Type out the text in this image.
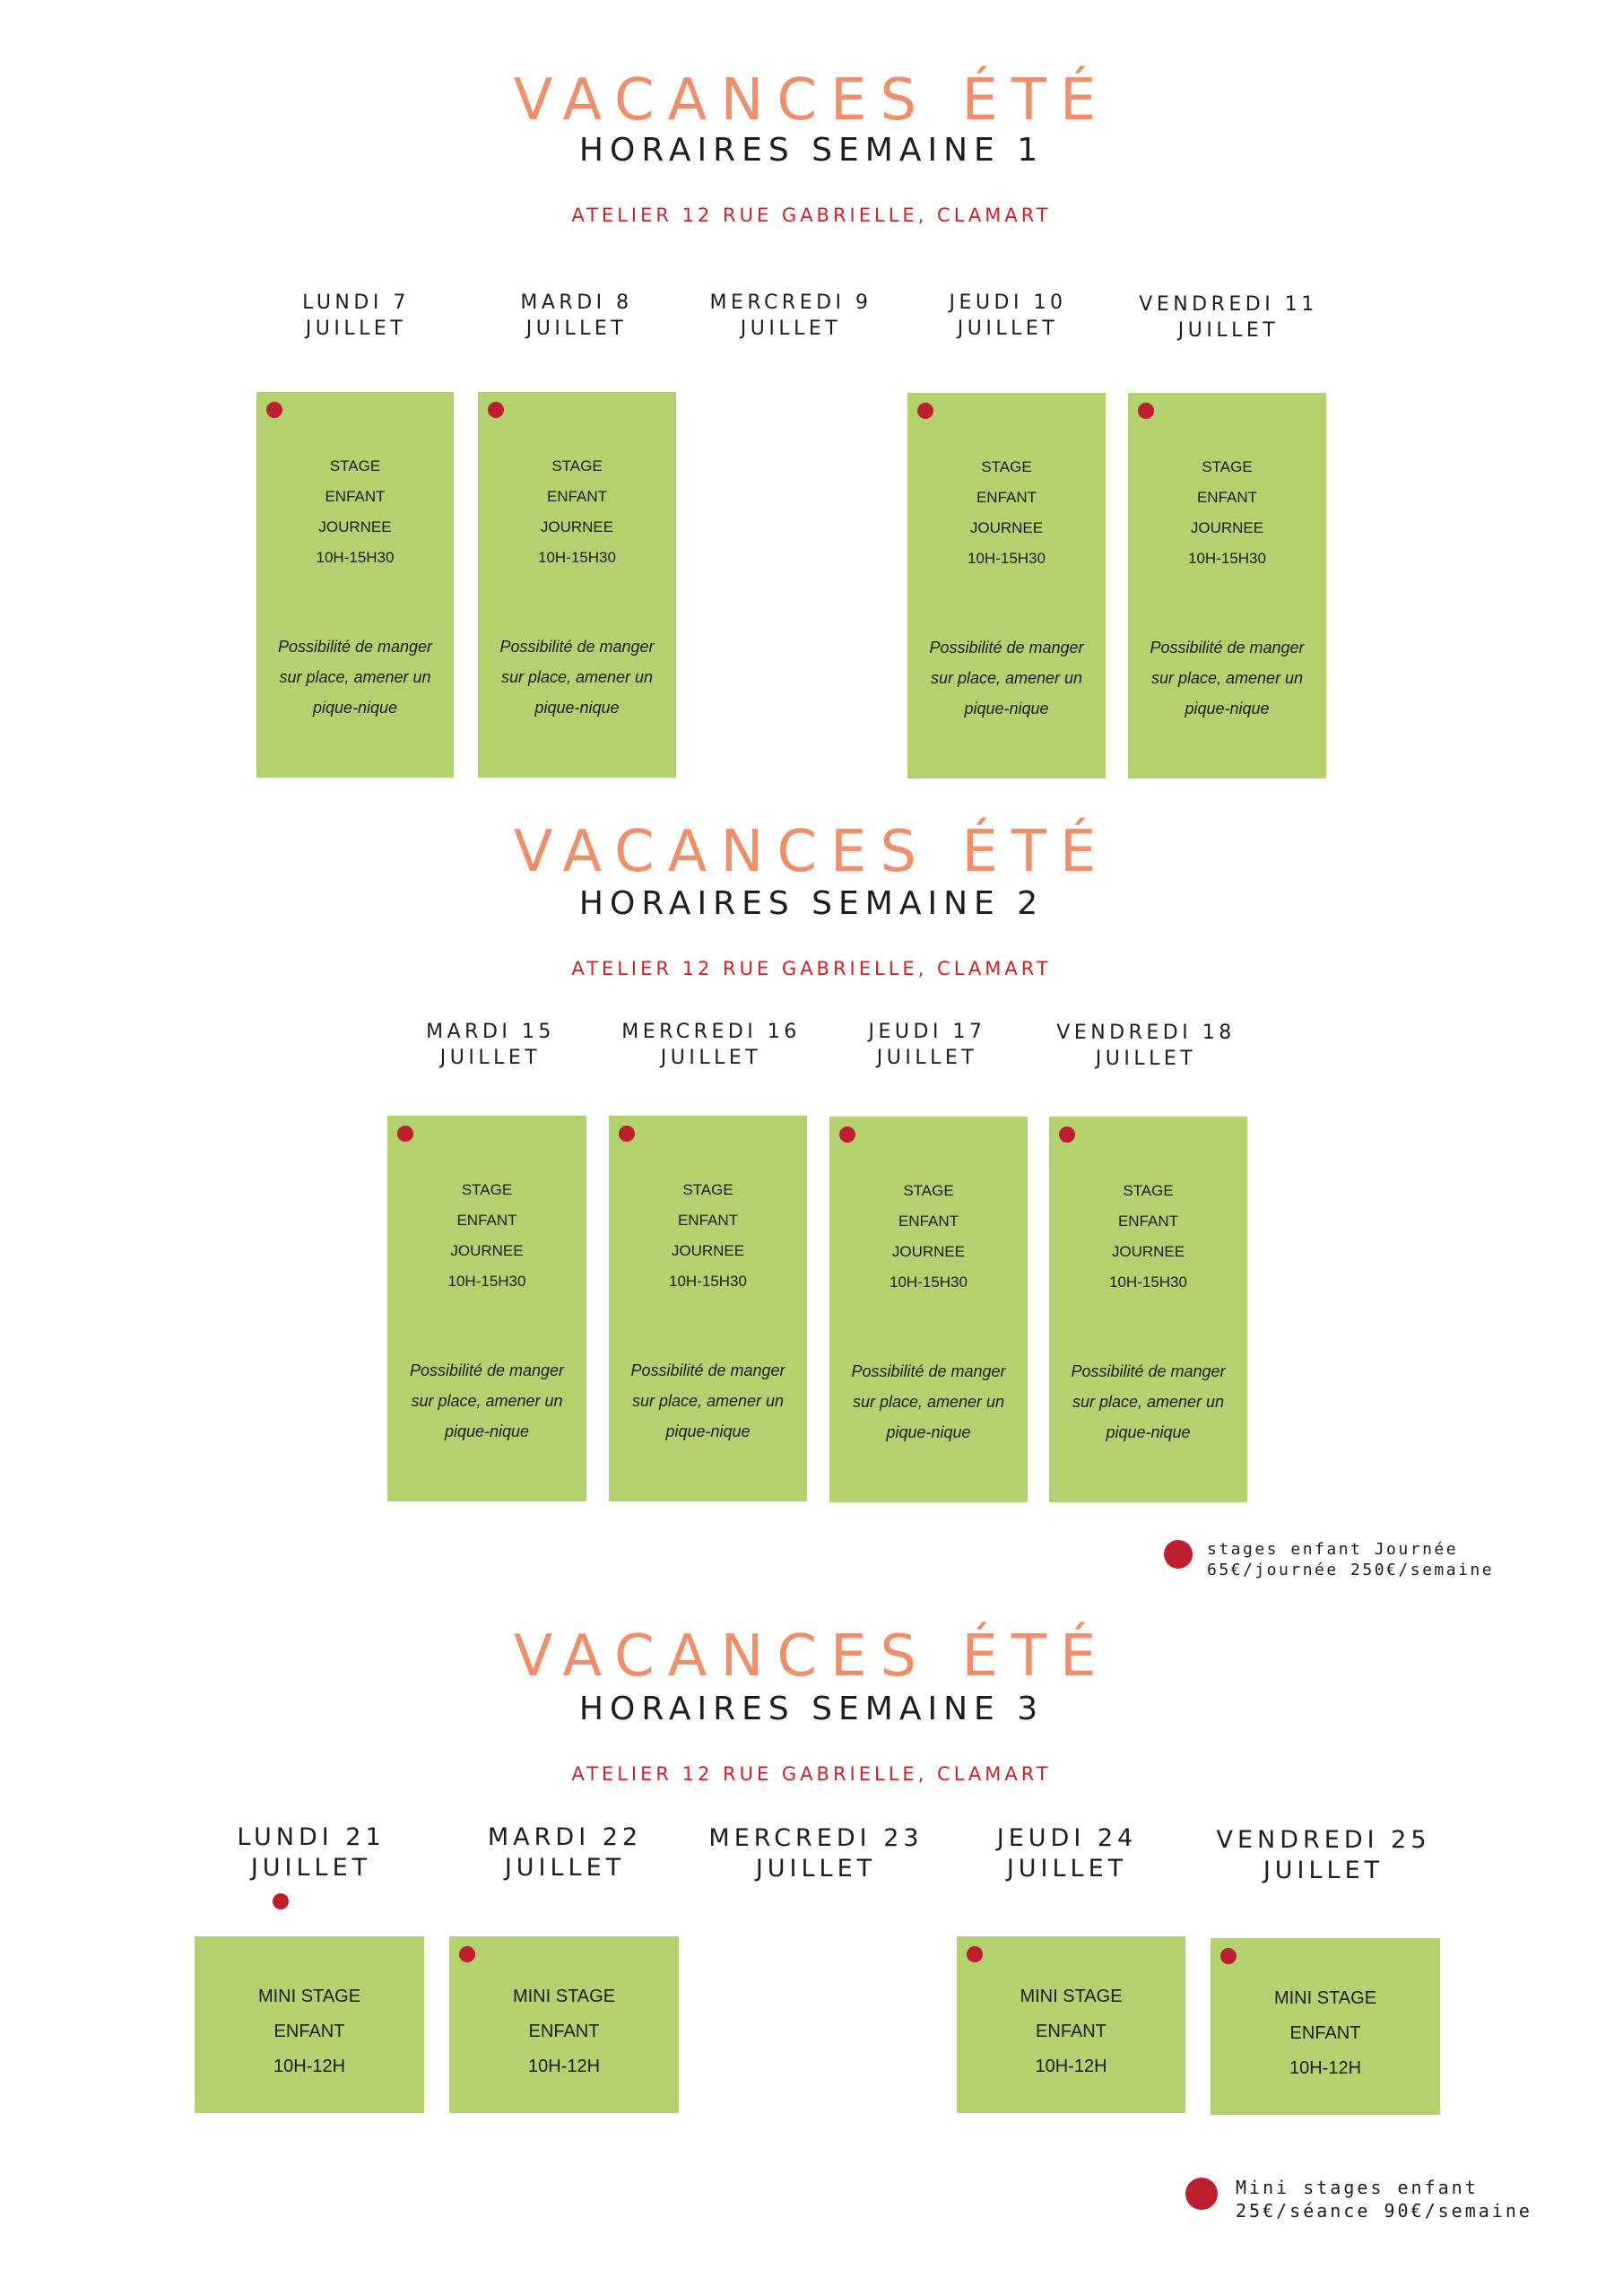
VACANCES ÉTÉ
HORAIRES SEMAINE 1
ATELIER 12 RUE GABRIELLE, CLAMART
LUNDI 7
JUILLET
MARDI 8
JUILLET
MERCREDI 9
JUILLET
JEUDI 10
JUILLET
VENDREDI 11
JUILLET
STAGE
ENFANT
JOURNEE
10H-15H30
Possibilité de manger
sur place, amener un
pique-nique
STAGE
ENFANT
JOURNEE
10H-15H30
Possibilité de manger
sur place, amener un
pique-nique
STAGE
ENFANT
JOURNEE
10H-15H30
Possibilité de manger
sur place, amener un
pique-nique
STAGE
ENFANT
JOURNEE
10H-15H30
Possibilité de manger
sur place, amener un
pique-nique
VACANCES ÉTÉ
HORAIRES SEMAINE 2
ATELIER 12 RUE GABRIELLE, CLAMART
MARDI 15
JUILLET
MERCREDI 16
JUILLET
JEUDI 17
JUILLET
VENDREDI 18
JUILLET
STAGE
ENFANT
JOURNEE
10H-15H30
Possibilité de manger
sur place, amener un
pique-nique
STAGE
ENFANT
JOURNEE
10H-15H30
Possibilité de manger
sur place, amener un
pique-nique
STAGE
ENFANT
JOURNEE
10H-15H30
Possibilité de manger
sur place, amener un
pique-nique
STAGE
ENFANT
JOURNEE
10H-15H30
Possibilité de manger
sur place, amener un
pique-nique
stages enfant Journée
65€/journée 250€/semaine
VACANCES ÉTÉ
HORAIRES SEMAINE 3
ATELIER 12 RUE GABRIELLE, CLAMART
LUNDI 21
JUILLET
MARDI 22
JUILLET
MERCREDI 23
JUILLET
JEUDI 24
JUILLET
VENDREDI 25
JUILLET
MINI STAGE
ENFANT
10H-12H
MINI STAGE
ENFANT
10H-12H
MINI STAGE
ENFANT
10H-12H
MINI STAGE
ENFANT
10H-12H
Mini stages enfant
25€/séance 90€/semaine
